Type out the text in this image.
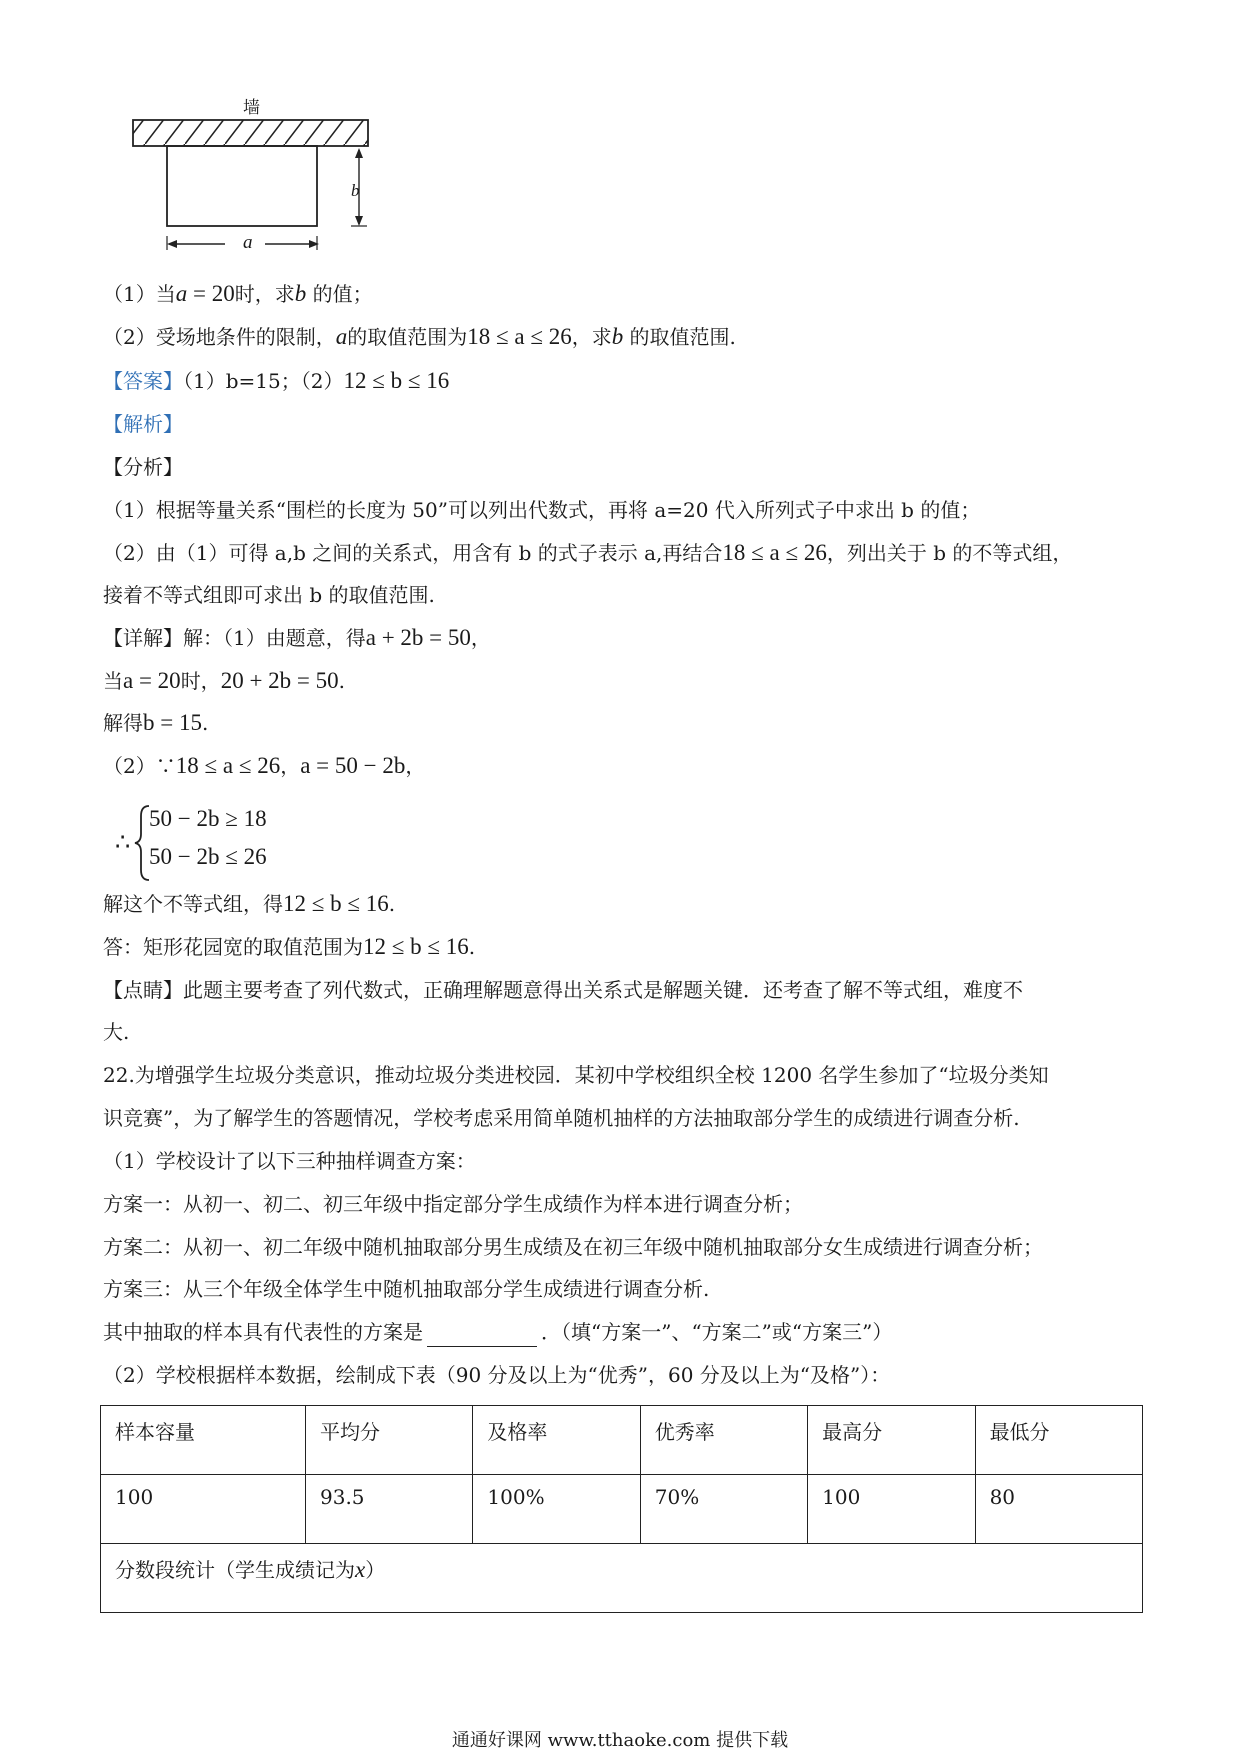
墙
b
a
（1）当a = 20时，求b 的值；
（2）受场地条件的限制，a的取值范围为18 ≤ a ≤ 26，求b 的取值范围.
【答案】（1）b=15；（2）12 ≤ b ≤ 16
【解析】
【分析】
（1）根据等量关系“围栏的长度为 50”可以列出代数式，再将 a=20 代入所列式子中求出 b 的值；
（2）由（1）可得 a,b 之间的关系式，用含有 b 的式子表示 a,再结合18 ≤ a ≤ 26，列出关于 b 的不等式组，
接着不等式组即可求出 b 的取值范围.
【详解】解：（1）由题意，得a + 2b = 50，
当a = 20时，20 + 2b = 50.
解得b = 15.
（2）∵18 ≤ a ≤ 26，a = 50 − 2b，
∴
50 − 2b ≥ 18
50 − 2b ≤ 26
解这个不等式组，得12 ≤ b ≤ 16.
答：矩形花园宽的取值范围为12 ≤ b ≤ 16.
【点睛】此题主要考查了列代数式，正确理解题意得出关系式是解题关键．还考查了解不等式组，难度不
大.
22.为增强学生垃圾分类意识，推动垃圾分类进校园．某初中学校组织全校 1200 名学生参加了“垃圾分类知
识竞赛”，为了解学生的答题情况，学校考虑采用简单随机抽样的方法抽取部分学生的成绩进行调查分析.
（1）学校设计了以下三种抽样调查方案：
方案一：从初一、初二、初三年级中指定部分学生成绩作为样本进行调查分析；
方案二：从初一、初二年级中随机抽取部分男生成绩及在初三年级中随机抽取部分女生成绩进行调查分析；
方案三：从三个年级全体学生中随机抽取部分学生成绩进行调查分析.
其中抽取的样本具有代表性的方案是	．（填“方案一”、“方案二”或“方案三”）
（2）学校根据样本数据，绘制成下表（90 分及以上为“优秀”，60 分及以上为“及格”）：
样本容量	平均分	及格率	优秀率	最高分	最低分
100	93.5	100%	70%	100	80
分数段统计（学生成绩记为x）					
通通好课网 www.tthaoke.com 提供下载
